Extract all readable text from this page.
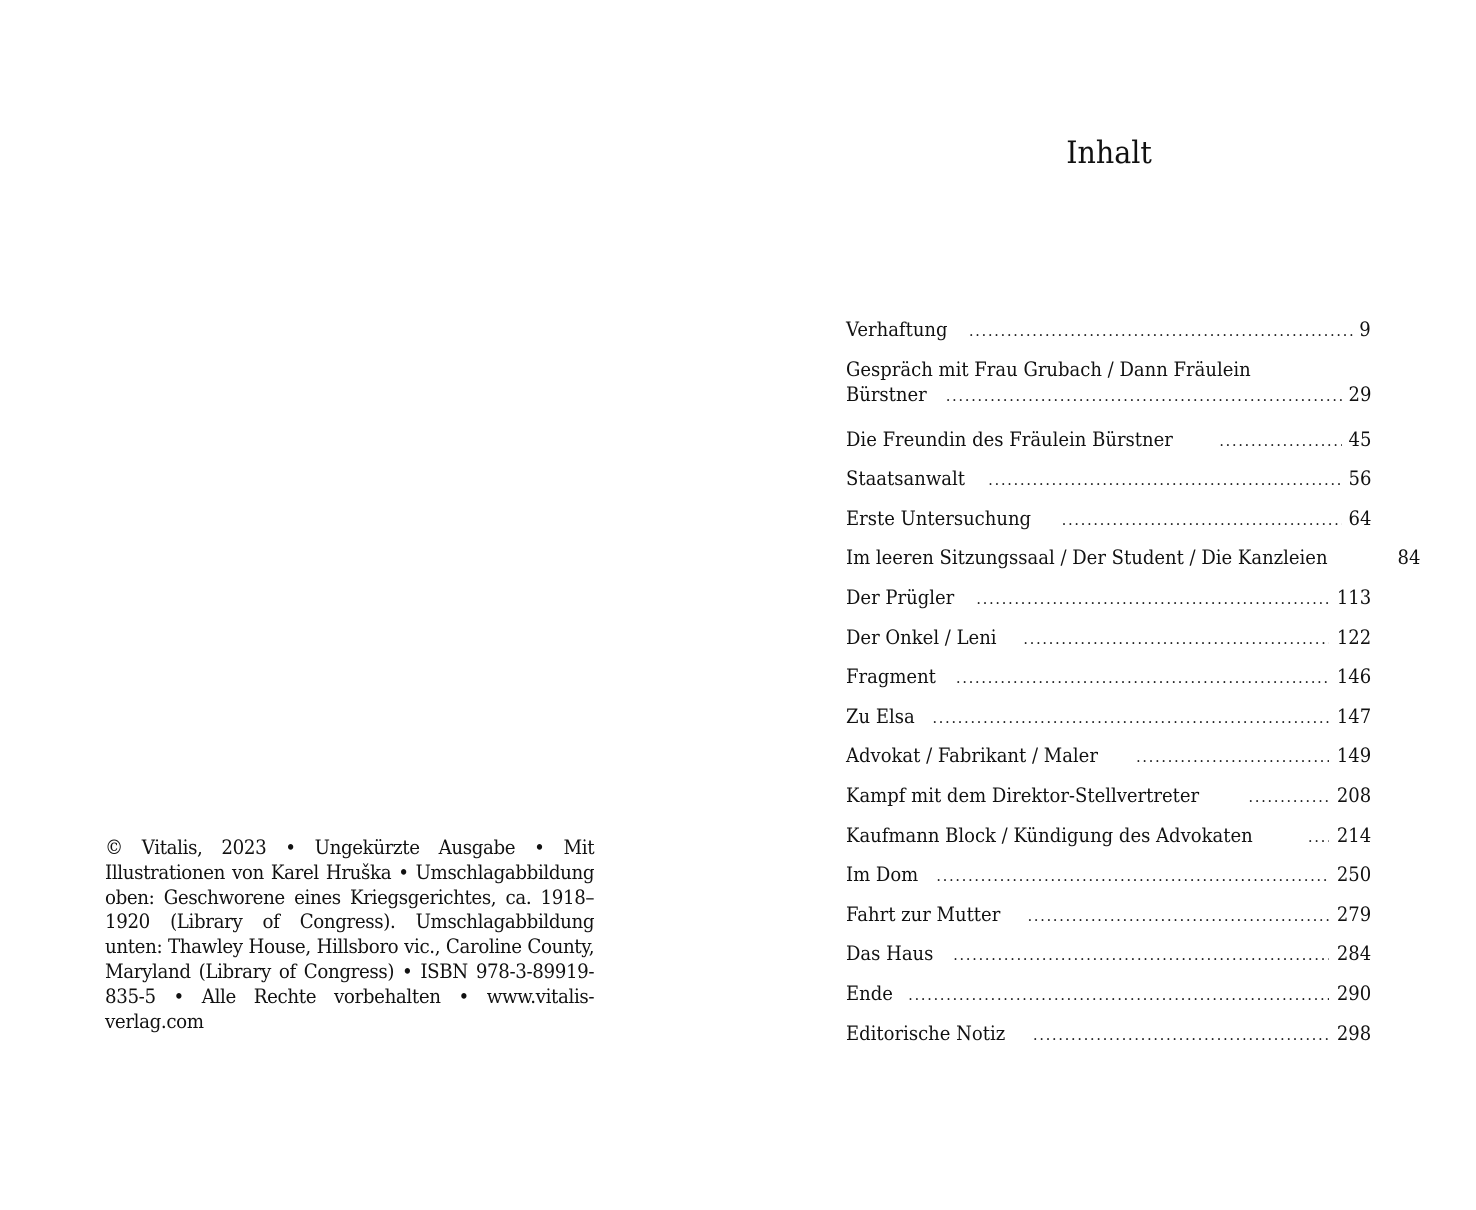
© Vitalis, 2023 • Ungekürzte Ausgabe • Mit Illustrationen von Karel Hruška • Umschlagabbildung oben: Geschworene eines Kriegsgerichtes, ca. 1918–1920 (Library of Congress). Umschlagabbildung unten: Thawley House, Hillsboro vic., Caroline County, Maryland (Library of Congress) • ISBN 978-3-89919-835-5 • Alle Rechte vorbehalten • www.vitalis-verlag.com

Inhalt
Verhaftung . . .	9
Gespräch mit Frau Grubach / Dann Fräulein
Bürstner . . .	29
Die Freundin des Fräulein Bürstner . . .	45
Staatsanwalt . . .	56
Erste Untersuchung . . .	64
Im leeren Sitzungssaal / Der Student / Die Kanzleien	84
Der Prügler . . .	113
Der Onkel / Leni . . .	122
Fragment . . .	146
Zu Elsa . . .	147
Advokat / Fabrikant / Maler . . .	149
Kampf mit dem Direktor-Stellvertreter . . .	208
Kaufmann Block / Kündigung des Advokaten . . .	214
Im Dom . . .	250
Fahrt zur Mutter . . .	279
Das Haus . . .	284
Ende . . .	290
Editorische Notiz . . .	298
